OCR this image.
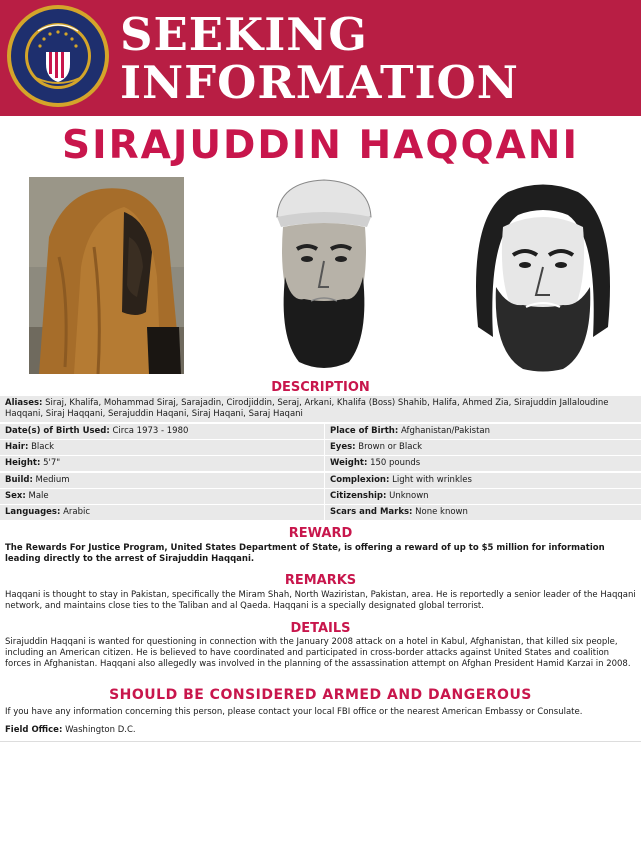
SEEKING
INFORMATION
SIRAJUDDIN HAQQANI
DESCRIPTION
Aliases: Siraj, Khalifa, Mohammad Siraj, Sarajadin, Cirodjiddin, Seraj, Arkani, Khalifa (Boss) Shahib, Halifa, Ahmed Zia, Sirajuddin Jallaloudine Haqqani, Siraj Haqqani, Serajuddin Haqani, Siraj Haqani, Saraj Haqani
Date(s) of Birth Used: Circa 1973 - 1980	Place of Birth: Afghanistan/Pakistan
Hair: Black	Eyes: Brown or Black
Height: 5'7"	Weight: 150 pounds
Build: Medium	Complexion: Light with wrinkles
Sex: Male	Citizenship: Unknown
Languages: Arabic	Scars and Marks: None known
REWARD
The Rewards For Justice Program, United States Department of State, is offering a reward of up to $5 million for information leading directly to the arrest of Sirajuddin Haqqani.
REMARKS
Haqqani is thought to stay in Pakistan, specifically the Miram Shah, North Waziristan, Pakistan, area. He is reportedly a senior leader of the Haqqani network, and maintains close ties to the Taliban and al Qaeda. Haqqani is a specially designated global terrorist.
DETAILS
Sirajuddin Haqqani is wanted for questioning in connection with the January 2008 attack on a hotel in Kabul, Afghanistan, that killed six people, including an American citizen. He is believed to have coordinated and participated in cross-border attacks against United States and coalition forces in Afghanistan. Haqqani also allegedly was involved in the planning of the assassination attempt on Afghan President Hamid Karzai in 2008.
SHOULD BE CONSIDERED ARMED AND DANGEROUS
If you have any information concerning this person, please contact your local FBI office or the nearest American Embassy or Consulate.
Field Office: Washington D.C.
